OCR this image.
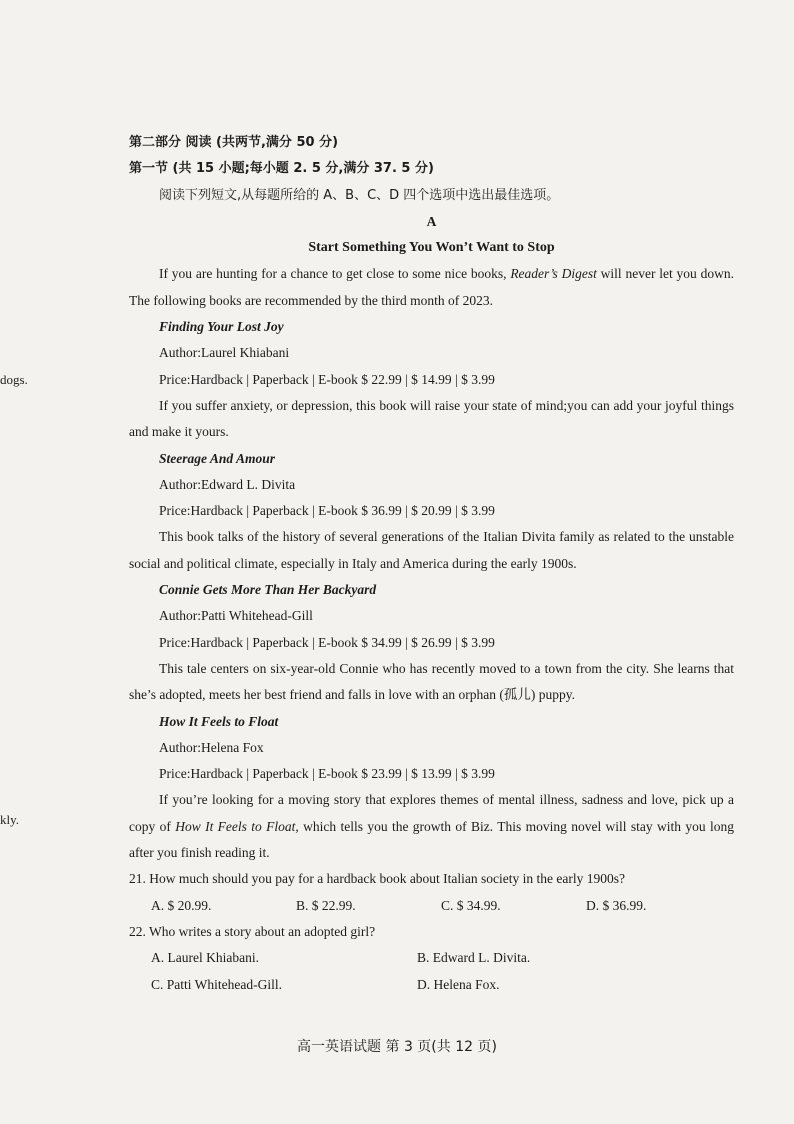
dogs.
kly.
第二部分 阅读 (共两节,满分 50 分)
第一节 (共 15 小题;每小题 2. 5 分,满分 37. 5 分)
阅读下列短文,从每题所给的 A、B、C、D 四个选项中选出最佳选项。
A
Start Something You Won’t Want to Stop
If you are hunting for a chance to get close to some nice books, Reader’s Digest will never let you down. The following books are recommended by the third month of 2023.
Finding Your Lost Joy
Author:Laurel Khiabani
Price:Hardback | Paperback | E-book $ 22.99 | $ 14.99 | $ 3.99
If you suffer anxiety, or depression, this book will raise your state of mind;you can add your joyful things and make it yours.
Steerage And Amour
Author:Edward L. Divita
Price:Hardback | Paperback | E-book $ 36.99 | $ 20.99 | $ 3.99
This book talks of the history of several generations of the Italian Divita family as related to the unstable social and political climate, especially in Italy and America during the early 1900s.
Connie Gets More Than Her Backyard
Author:Patti Whitehead-Gill
Price:Hardback | Paperback | E-book $ 34.99 | $ 26.99 | $ 3.99
This tale centers on six-year-old Connie who has recently moved to a town from the city. She learns that she’s adopted, meets her best friend and falls in love with an orphan (孤儿) puppy.
How It Feels to Float
Author:Helena Fox
Price:Hardback | Paperback | E-book $ 23.99 | $ 13.99 | $ 3.99
If you’re looking for a moving story that explores themes of mental illness, sadness and love, pick up a copy of How It Feels to Float, which tells you the growth of Biz. This moving novel will stay with you long after you finish reading it.
21. How much should you pay for a hardback book about Italian society in the early 1900s?
A. $ 20.99.	B. $ 22.99.	C. $ 34.99.	D. $ 36.99.
22. Who writes a story about an adopted girl?
A. Laurel Khiabani.	B. Edward L. Divita.
C. Patti Whitehead-Gill.	D. Helena Fox.
高一英语试题 第 3 页(共 12 页)
